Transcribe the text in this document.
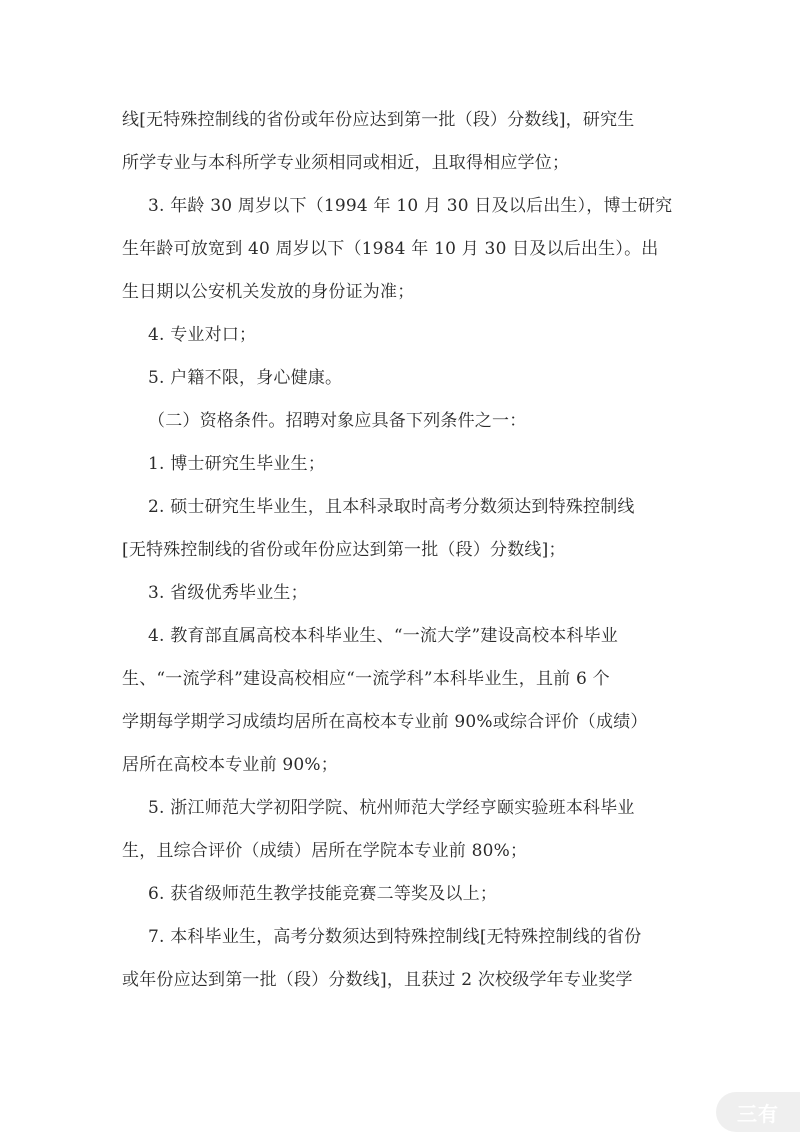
线[无特殊控制线的省份或年份应达到第一批（段）分数线]，研究生
所学专业与本科所学专业须相同或相近，且取得相应学位；
3. 年龄 30 周岁以下（1994 年 10 月 30 日及以后出生），博士研究
生年龄可放宽到 40 周岁以下（1984 年 10 月 30 日及以后出生）。出
生日期以公安机关发放的身份证为准；
4. 专业对口；
5. 户籍不限，身心健康。
（二）资格条件。招聘对象应具备下列条件之一：
1. 博士研究生毕业生；
2. 硕士研究生毕业生，且本科录取时高考分数须达到特殊控制线
[无特殊控制线的省份或年份应达到第一批（段）分数线]；
3. 省级优秀毕业生；
4. 教育部直属高校本科毕业生、“一流大学”建设高校本科毕业
生、“一流学科”建设高校相应“一流学科”本科毕业生，且前 6 个
学期每学期学习成绩均居所在高校本专业前 90%或综合评价（成绩）
居所在高校本专业前 90%；
5. 浙江师范大学初阳学院、杭州师范大学经亨颐实验班本科毕业
生，且综合评价（成绩）居所在学院本专业前 80%；
6. 获省级师范生教学技能竞赛二等奖及以上；
7. 本科毕业生，高考分数须达到特殊控制线[无特殊控制线的省份
或年份应达到第一批（段）分数线]，且获过 2 次校级学年专业奖学
三有
